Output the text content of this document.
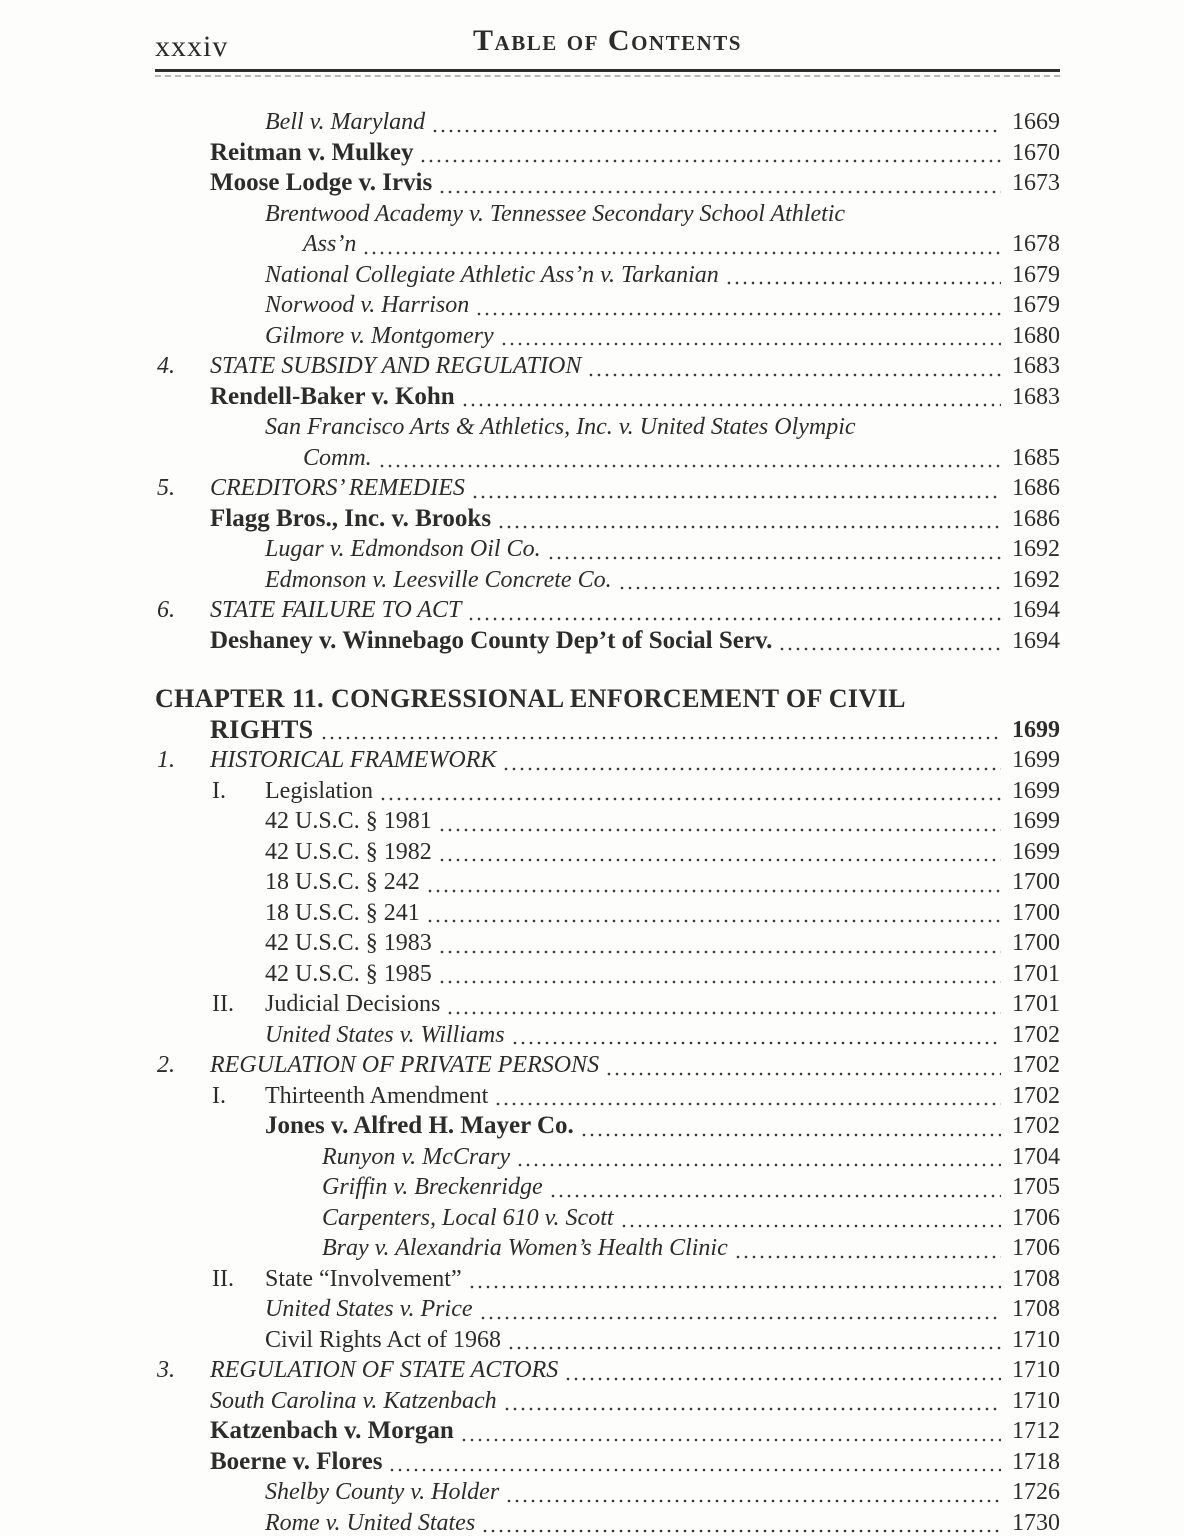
xxxiv	Table of Contents
Bell v. Maryland	1669
Reitman v. Mulkey	1670
Moose Lodge v. Irvis	1673
Brentwood Academy v. Tennessee Secondary School Athletic
Ass’n	1678
National Collegiate Athletic Ass’n v. Tarkanian	1679
Norwood v. Harrison	1679
Gilmore v. Montgomery	1680
4. STATE SUBSIDY AND REGULATION	1683
Rendell-Baker v. Kohn	1683
San Francisco Arts & Athletics, Inc. v. United States Olympic
Comm.	1685
5. CREDITORS’ REMEDIES	1686
Flagg Bros., Inc. v. Brooks	1686
Lugar v. Edmondson Oil Co.	1692
Edmonson v. Leesville Concrete Co.	1692
6. STATE FAILURE TO ACT	1694
Deshaney v. Winnebago County Dep’t of Social Serv.	1694
CHAPTER 11. CONGRESSIONAL ENFORCEMENT OF CIVIL
RIGHTS	1699
1. HISTORICAL FRAMEWORK	1699
I. Legislation	1699
42 U.S.C. § 1981	1699
42 U.S.C. § 1982	1699
18 U.S.C. § 242	1700
18 U.S.C. § 241	1700
42 U.S.C. § 1983	1700
42 U.S.C. § 1985	1701
II. Judicial Decisions	1701
United States v. Williams	1702
2. REGULATION OF PRIVATE PERSONS	1702
I. Thirteenth Amendment	1702
Jones v. Alfred H. Mayer Co.	1702
Runyon v. McCrary	1704
Griffin v. Breckenridge	1705
Carpenters, Local 610 v. Scott	1706
Bray v. Alexandria Women’s Health Clinic	1706
II. State “Involvement”	1708
United States v. Price	1708
Civil Rights Act of 1968	1710
3. REGULATION OF STATE ACTORS	1710
South Carolina v. Katzenbach	1710
Katzenbach v. Morgan	1712
Boerne v. Flores	1718
Shelby County v. Holder	1726
Rome v. United States	1730
